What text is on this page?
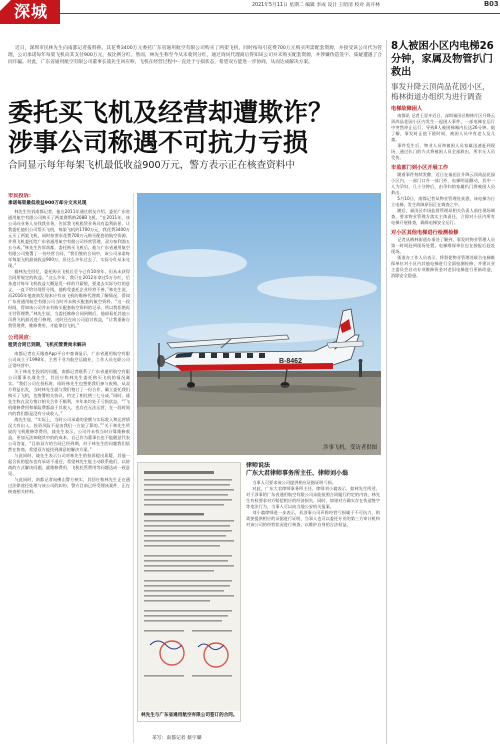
深城	2021年5月11日 星期二 编辑 李成 设计 王昭清 校对 高开林	B03

近日，深圳市民林先生向南都记者报料称，其花费3400万元委托广东省通用航空有限公司购买了两架飞机，同时按每引花费700万元购买所需配套资源，并接受该公司代为管理，公司承诺每年每架飞机向其支付900万元，按比例分红。然而，林先生称至今从未收到分红，通过询问代理商后得知该公司并未购买配套资源，并涉嫌伪造签字、质疑遭遇了合同诈骗。对此，广东省通用航空有限公司董事长战先生回应称，飞机在经营过程中一直处于亏损状态，希望双方能进一步协商，从而达成解决方案。

委托买飞机及经营却遭欺诈？
涉事公司称遇不可抗力亏损
合同显示每年每架飞机最低收益900万元，警方表示正在核查资料中
市民投诉：
承诺每架最低收益900万却分文未兑现

林先生告诉南都记者，他在2011年通过朋友介绍，委托广东省通用航空有限公司购买了两架赛斯纳208B飞机。“在2011年，该公司向业务人员找我业务，告诉我飞机租赁业务具有盈利前景，让我委托他们公司帮买飞机，每架飞机约1700万元，我花费3400万元买了两架飞机，同时按要求花费700万元购买配套的航空资源，并将飞机委托给广东省通用航空有限公司经营管理，双方按利润五五分成。”林先生告诉南都，委托购买飞机后，他与广东省通用航空有限公司签署了一份经营合同，“我们签的合同中，该公司承诺每年每架飞机最低收益900万，但这么多年过去了，实际分红从未兑现。”

据林先生回忆，委托购买飞机后至今已有10余年，但从未获得合同所规定的收益。“这么多年，我只在2012年拿过5万分红，后来追讨每年飞机收益大概是发一样的月薪般，要追去实际分红的意义，一直不给付现管分钱，他称受委托企业经营不善，”林先生说，而2016年他查询发现本应有该飞机的维修代理商了解情况，得知广东省通用航空有限公司当时并未购买配套的航空资料。“这一段时间，得知该公司并未有购买配套航空资料的记录，所以我拒绝再支付管理费。”林先生说，当委托维修合同到期后，他却看托其他公司将飞机最近进行修理，这时还在向公司追讨收益，“让我重新自我管理费，维修费用，才能拿回飞机。”

公司回应：
租赁合同已到期，飞机托管费尚未解决

南都记者在天眼查App平台中查询显示，广东省通用航空有限公司成立于1998年，主营于业为航空运输业，工作人员在职公司正常经营中。

关于林先生投诉的问题，南都记者联系了广东省通用航空有限公司董事长战先生，其回应称林先生委托购买飞机的情况属实。“我们公司在投标时，刚好林先生也想要我们参与收购，从双方利益出发，当时林先生就与我们签订了一份合作，确立委托我们购买了飞机，也签署相关协议，约定了相比例三七分成。”同时，战先生称在双方签订相关合作不顺利，多年来均处于亏损状态，“”飞机维修费用和保险费都高于其收入，也存在无法运营，在一段时间内的我们都是没有分成收入。”

战先生说，“实际上，当时公司承诺的金额与实际收入和运营情况大有出入，投资风险不是由我们一方说了算的。””关于林先生所说的飞机维修等费用，战先生表示，公司并未找当时计算维修收益，更加无法知晓其中的的成本，自己作为董事长也不能随意代表公司答复，“目前双方的合同已经到期，对于林先生的问题我们依然在协商，希望双方能找到满意的解决方案。”

与此同时，战先生表示公司对林先生的投诉提出质疑，其他一起合伙的股东也有承诺不退还，希望林先生能主动联系他们，以协商的方式解决问题。就维修费用、飞机托管费用等问题达成一致意见。

与此同时，南都记者向佛山警方核实，其回应称林先生正在通过法律途径处理与该公司的纠纷，警方目前已经受理该案件，正在核查相关材料。

B-8462
涉事飞机。受访者供图
林先生与广东省通用航空有限公司签订的合同。
采写：南都记者 蔡宇璐
律师说法
广东大君律师事务所主任、律师刘小翁

当事人可要求该公司提供相应证据证明亏损。

对此，广东大君律师事务所主任、律师刘小翁表示，如林先生所述，对于涉事的广东省通用航空有限公司未能按照合同履行约定的内容，林先生有权要求对方赔偿相应的经济损失。同时，如果对方确实存在伪造签字等违法行为，当事人可以向当地公安机关报案。

刘小翁律师进一步表示，若涉事公司声称经营亏损属于不可抗力，则需要提供相应的证据进行证明，当事人也可以委托专业的第三方审计机构对该公司的经营状况进行核查，以维护自身的合法权益。

8人被困小区内电梯26分钟，家属及物管扒门救出
事发升降云顶尚品花园小区，梅林街道办组织为进行调查
电梯故障困人

南都讯 记者王翌卉近日，深圳福田区梅林片区升降云顶尚品花园小区内发生一起困人事件，一部电梯在运行中突然停止运行，导致8人被困梯厢内长达26分钟。据了解，事发时正值下班时间，被困人员中有老人及儿童。

事件发生后，物业人员和被困人员家属迅速赶到现场，通过扒门的方式将被困人员全部救出，所幸无人员受伤。

市监部门到小区开展工作

随着事件持续发酵，近日在福田区升降云顶尚品花园小区内，一部门口升一部门外，电梯明显颤动，其中一人为孕妇，几十分钟后，由孕妇的家属扒门将被困人员救出。

5月10日，南都记者从物业管理处获悉，该电梯为日立电梯，发生故障原因正在调查之中。

随后，福田区市场监督管理局相关负责人前往现场调查，要求物业管理方落实主体责任，立即对小区内所有电梯开展排查，确保电梯安全运行。

对小区其他电梯进行检测检修

记者从梅林街道办事处了解到，事发时物业管理人员第一时间赶到现场处置，电梯维保单位也在接报后赶赴现场。

街道办工作人员表示，将督促物业管理处联合电梯维保单位对小区内其他电梯进行全面检测检修，并建议业主委员会启动专项维修资金对老旧电梯进行更新改造，消除安全隐患。
